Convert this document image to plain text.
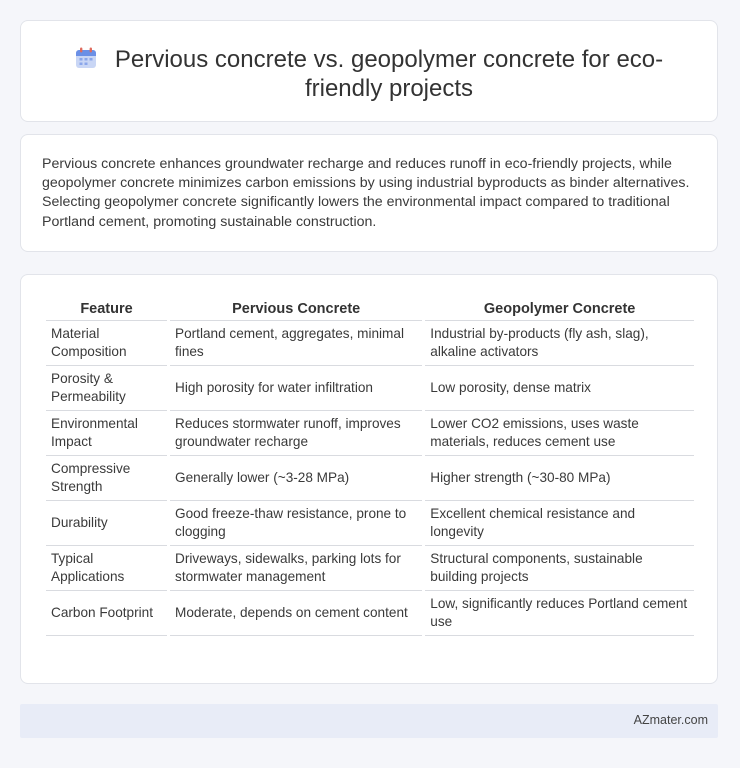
Pervious concrete vs. geopolymer concrete for eco-friendly projects

Pervious concrete enhances groundwater recharge and reduces runoff in eco-friendly projects, while geopolymer concrete minimizes carbon emissions by using industrial byproducts as binder alternatives. Selecting geopolymer concrete significantly lowers the environmental impact compared to traditional Portland cement, promoting sustainable construction.

Feature	Pervious Concrete	Geopolymer Concrete
Material Composition	Portland cement, aggregates, minimal fines	Industrial by-products (fly ash, slag), alkaline activators
Porosity & Permeability	High porosity for water infiltration	Low porosity, dense matrix
Environmental Impact	Reduces stormwater runoff, improves groundwater recharge	Lower CO2 emissions, uses waste materials, reduces cement use
Compressive Strength	Generally lower (~3-28 MPa)	Higher strength (~30-80 MPa)
Durability	Good freeze-thaw resistance, prone to clogging	Excellent chemical resistance and longevity
Typical Applications	Driveways, sidewalks, parking lots for stormwater management	Structural components, sustainable building projects
Carbon Footprint	Moderate, depends on cement content	Low, significantly reduces Portland cement use
AZmater.com
